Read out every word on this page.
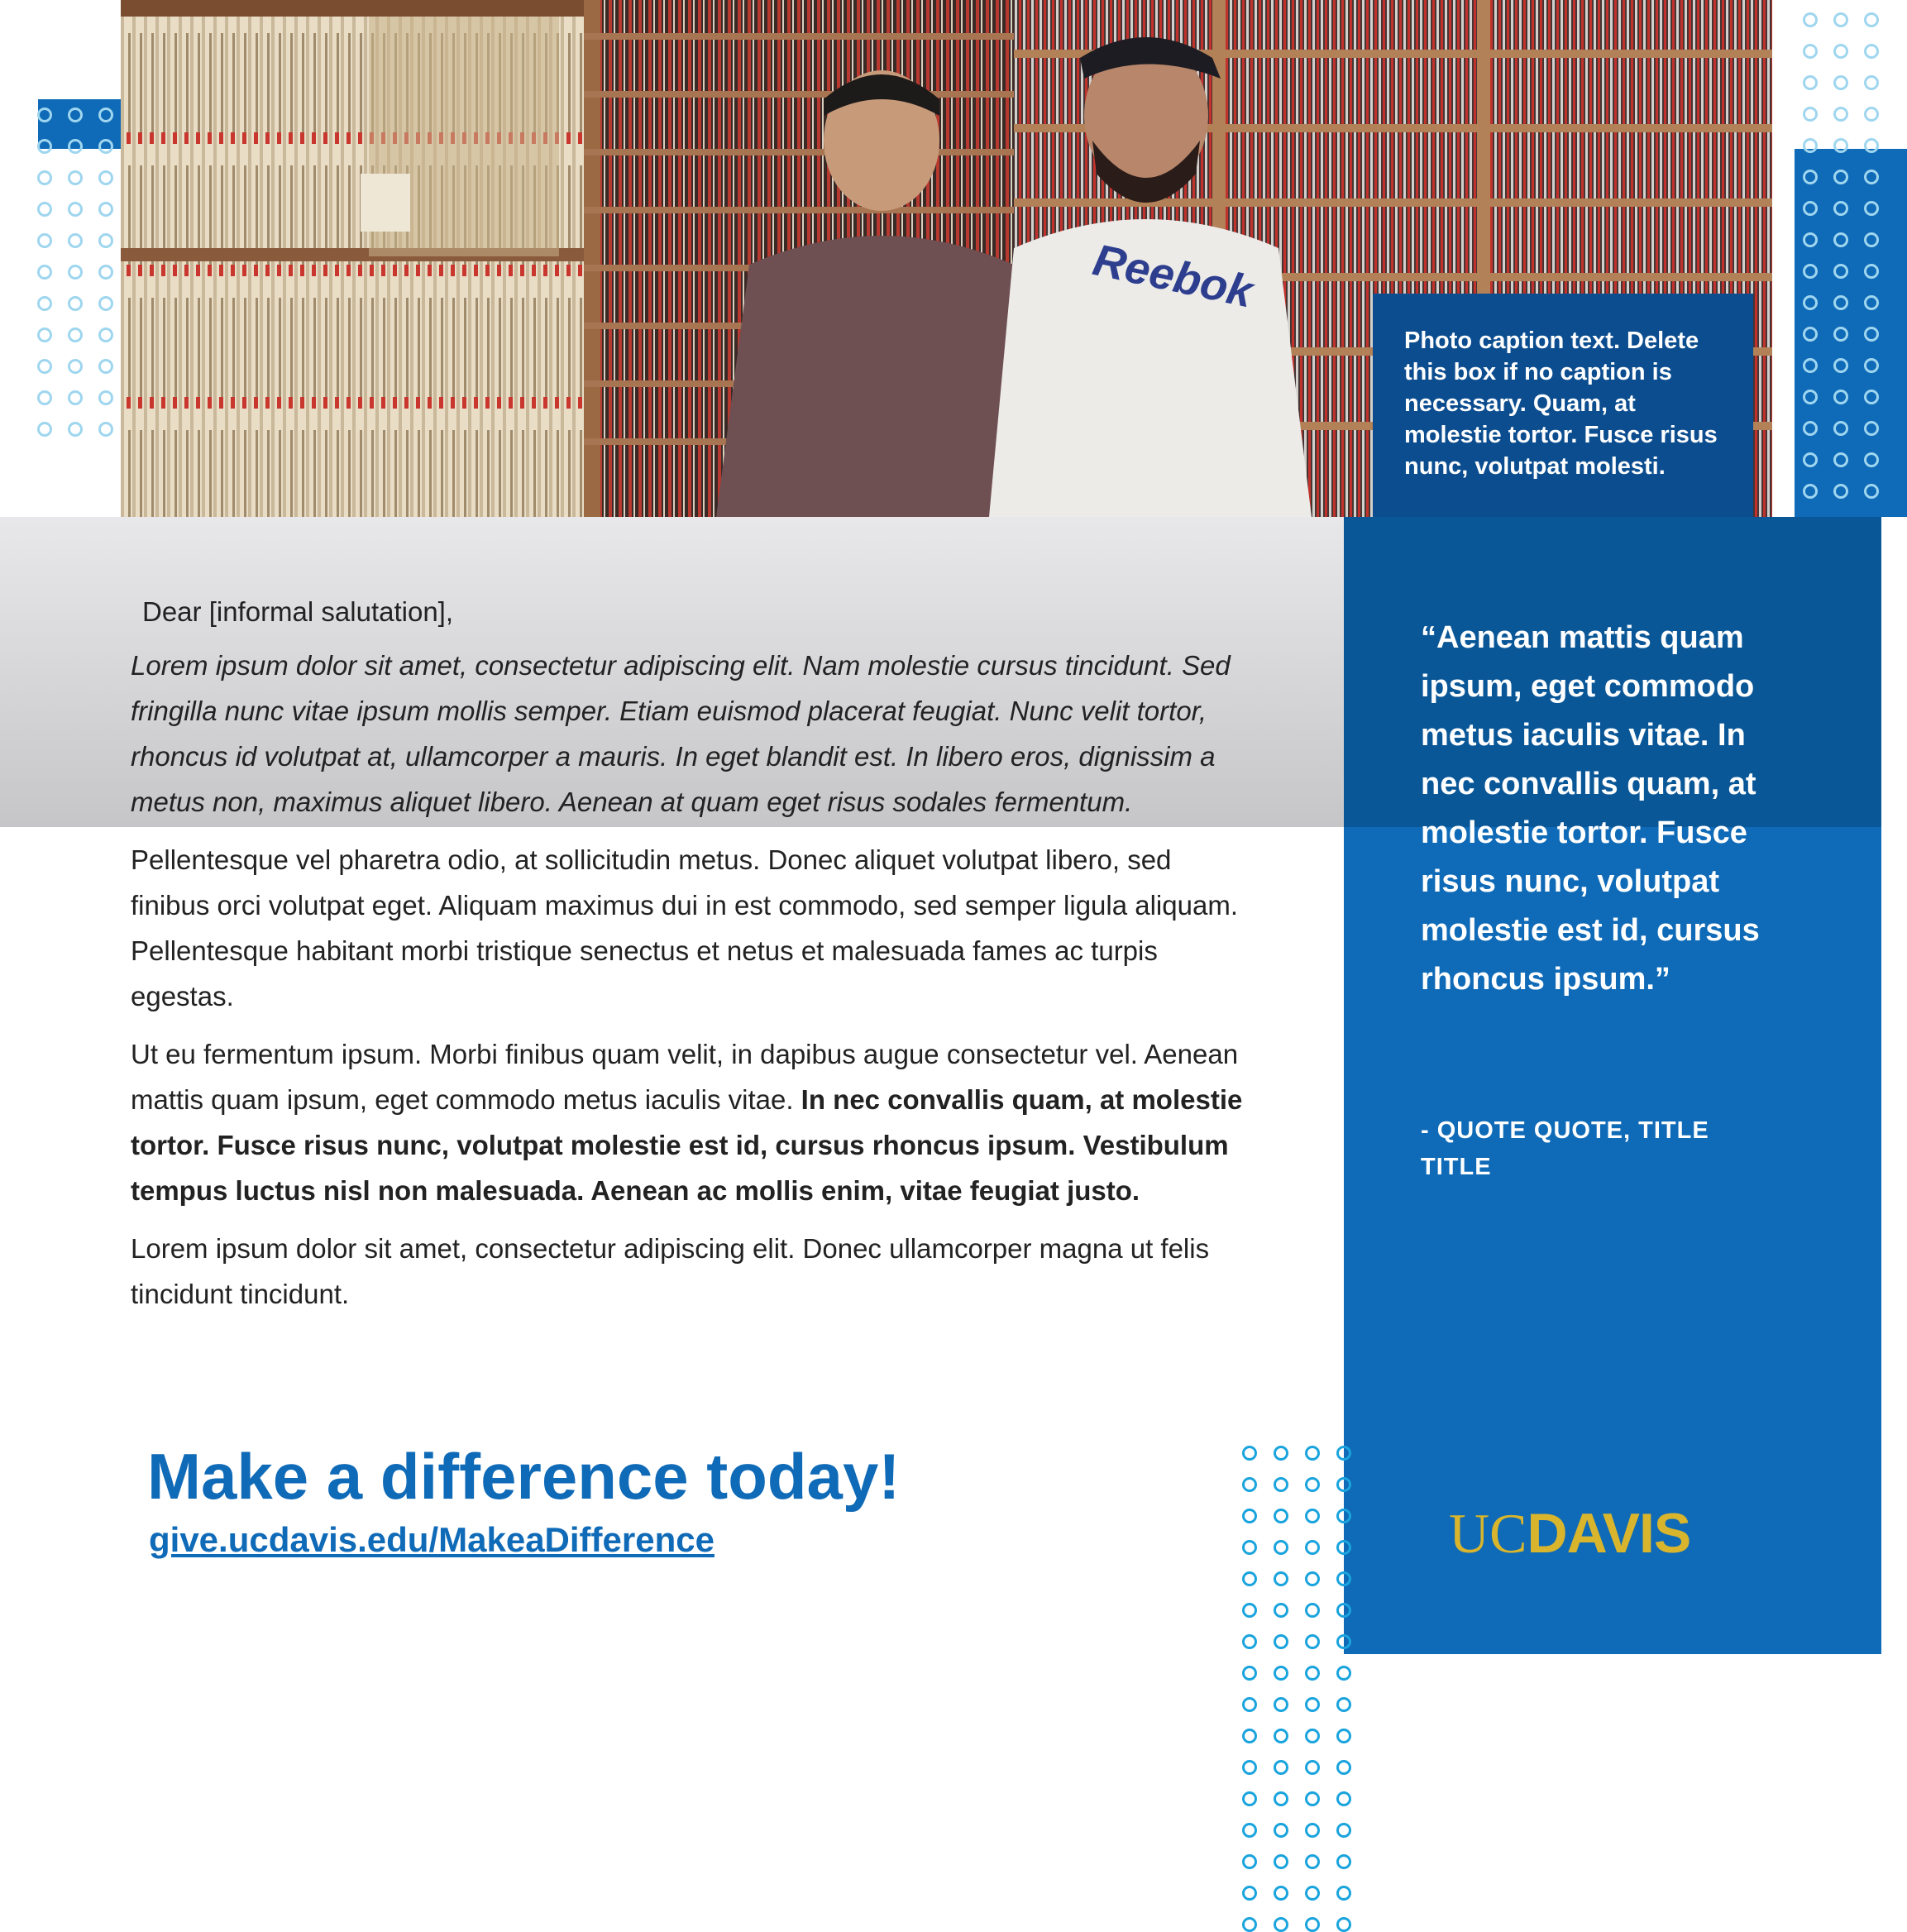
Reebok
Photo caption text. Delete this box if no caption is necessary. Quam, at molestie tortor. Fusce risus nunc, volutpat molesti.

Dear [informal salutation],

Lorem ipsum dolor sit amet, consectetur adipiscing elit. Nam molestie cursus tincidunt. Sed fringilla nunc vitae ipsum mollis semper. Etiam euismod placerat feugiat. Nunc velit tortor, rhoncus id volutpat at, ullamcorper a mauris. In eget blandit est. In libero eros, dignissim a metus non, maximus aliquet libero. Aenean at quam eget risus sodales fermentum.

Pellentesque vel pharetra odio, at sollicitudin metus. Donec aliquet volutpat libero, sed finibus orci volutpat eget. Aliquam maximus dui in est commodo, sed semper ligula aliquam. Pellentesque habitant morbi tristique senectus et netus et malesuada fames ac turpis egestas.

Ut eu fermentum ipsum. Morbi finibus quam velit, in dapibus augue consectetur vel. Aenean mattis quam ipsum, eget commodo metus iaculis vitae. In nec convallis quam, at molestie tortor. Fusce risus nunc, volutpat molestie est id, cursus rhoncus ipsum. Vestibulum tempus luctus nisl non malesuada. Aenean ac mollis enim, vitae feugiat justo.

Lorem ipsum dolor sit amet, consectetur adipiscing elit. Donec ullamcorper magna ut felis tincidunt tincidunt.

Make a difference today!
give.ucdavis.edu/MakeaDifference
“Aenean mattis quam ipsum, eget commodo metus iaculis vitae. In nec convallis quam, at molestie tortor. Fusce risus nunc, volutpat molestie est id, cursus rhoncus ipsum.”
- QUOTE QUOTE, TITLE TITLE
UCDAVIS
